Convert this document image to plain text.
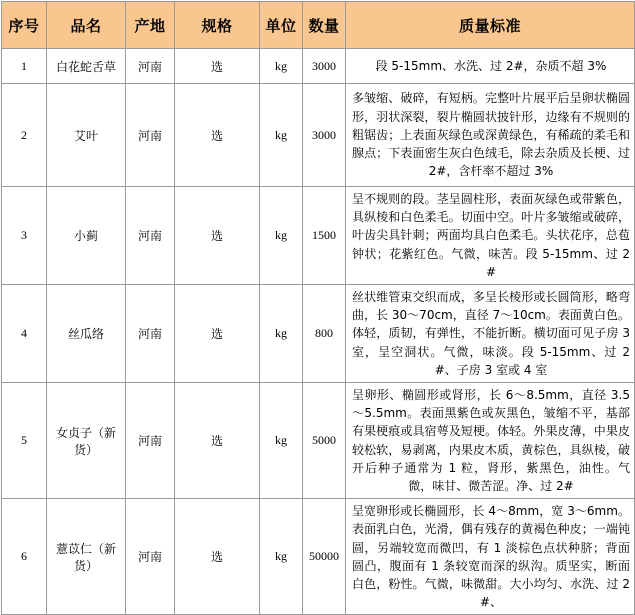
序号	品名	产地	规格	单位	数量	质量标准
1	白花蛇舌草	河南	选	kg	3000	段 5-15mm、水洗、过 2#，杂质不超 3%
2	艾叶	河南	选	kg	3000	多皱缩、破碎，有短柄。完整叶片展平后呈卵状椭圆形，羽状深裂，裂片椭圆状披针形，边缘有不规则的粗锯齿；上表面灰绿色或深黄绿色，有稀疏的柔毛和腺点；下表面密生灰白色绒毛，除去杂质及长梗、过 2#，含杆率不超过 3%
3	小蓟	河南	选	kg	1500	呈不规则的段。茎呈圆柱形，表面灰绿色或带紫色，具纵棱和白色柔毛。切面中空。叶片多皱缩或破碎，叶齿尖具针刺；两面均具白色柔毛。头状花序，总苞钟状；花紫红色。气微，味苦。段 5-15mm、过 2#
4	丝瓜络	河南	选	kg	800	丝状维管束交织而成，多呈长棱形或长圆筒形，略弯曲，长 30～70cm，直径 7～10cm。表面黄白色。体轻，质韧，有弹性，不能折断。横切面可见子房 3 室，呈空洞状。气微，味淡。段 5-15mm、过 2#、子房 3 室或 4 室
5	女贞子（新货）	河南	选	kg	5000	呈卵形、椭圆形或肾形，长 6～8.5mm，直径 3.5～5.5mm。表面黑紫色或灰黑色，皱缩不平，基部有果梗痕或具宿萼及短梗。体轻。外果皮薄，中果皮较松软，易剥离，内果皮木质，黄棕色，具纵棱，破开后种子通常为 1 粒，肾形，紫黑色，油性。气微，味甘、微苦涩。净、过 2#
6	薏苡仁（新货）	河南	选	kg	50000	呈宽卵形或长椭圆形，长 4～8mm，宽 3～6mm。表面乳白色，光滑，偶有残存的黄褐色种皮；一端钝圆，另端较宽而微凹，有 1 淡棕色点状种脐；背面圆凸，腹面有 1 条较宽而深的纵沟。质坚实，断面白色，粉性。气微，味微甜。大小均匀、水洗、过 2#、
